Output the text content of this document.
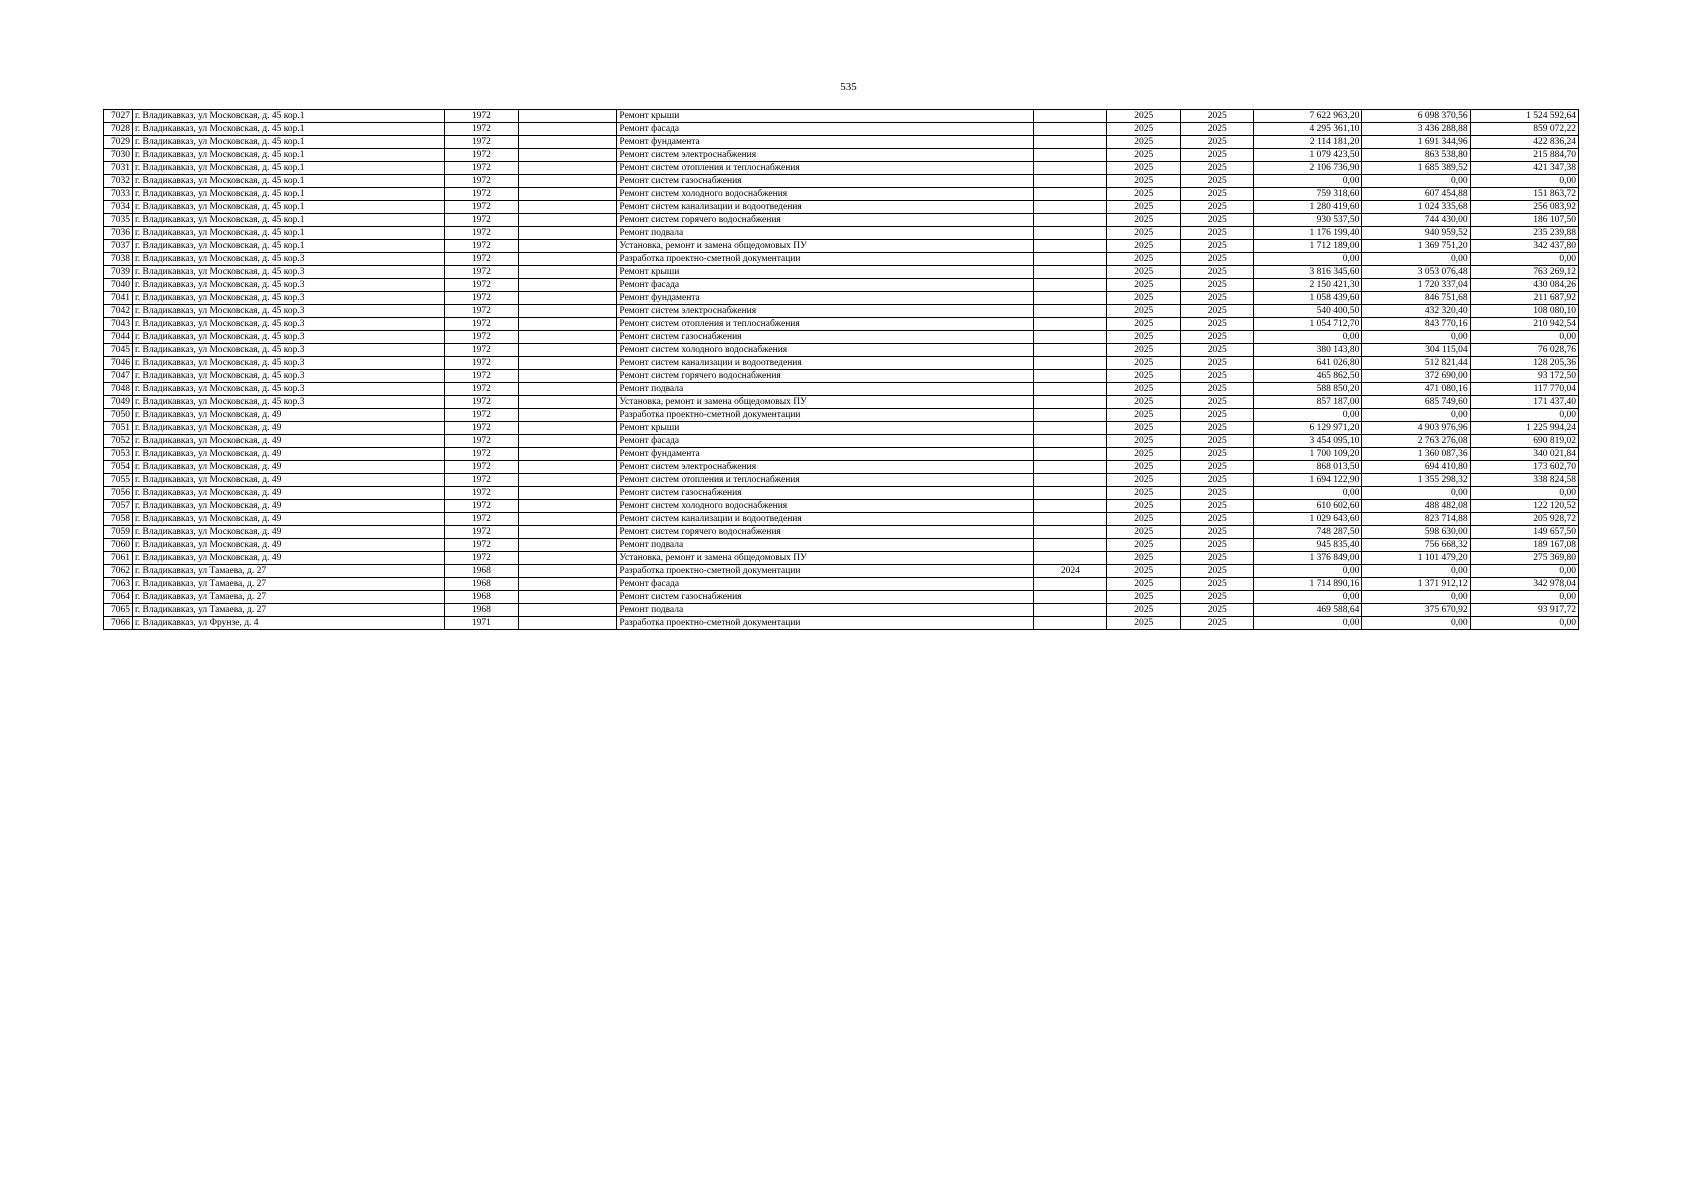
535
7027	г. Владикавказ, ул Московская, д. 45 кор.1	1972		Ремонт крыши		2025	2025	7 622 963,20	6 098 370,56	1 524 592,64
7028	г. Владикавказ, ул Московская, д. 45 кор.1	1972		Ремонт фасада		2025	2025	4 295 361,10	3 436 288,88	859 072,22
7029	г. Владикавказ, ул Московская, д. 45 кор.1	1972		Ремонт фундамента		2025	2025	2 114 181,20	1 691 344,96	422 836,24
7030	г. Владикавказ, ул Московская, д. 45 кор.1	1972		Ремонт систем электроснабжения		2025	2025	1 079 423,50	863 538,80	215 884,70
7031	г. Владикавказ, ул Московская, д. 45 кор.1	1972		Ремонт систем отопления и теплоснабжения		2025	2025	2 106 736,90	1 685 389,52	421 347,38
7032	г. Владикавказ, ул Московская, д. 45 кор.1	1972		Ремонт систем газоснабжения		2025	2025	0,00	0,00	0,00
7033	г. Владикавказ, ул Московская, д. 45 кор.1	1972		Ремонт систем холодного водоснабжения		2025	2025	759 318,60	607 454,88	151 863,72
7034	г. Владикавказ, ул Московская, д. 45 кор.1	1972		Ремонт систем канализации и водоотведения		2025	2025	1 280 419,60	1 024 335,68	256 083,92
7035	г. Владикавказ, ул Московская, д. 45 кор.1	1972		Ремонт систем горячего водоснабжения		2025	2025	930 537,50	744 430,00	186 107,50
7036	г. Владикавказ, ул Московская, д. 45 кор.1	1972		Ремонт подвала		2025	2025	1 176 199,40	940 959,52	235 239,88
7037	г. Владикавказ, ул Московская, д. 45 кор.1	1972		Установка, ремонт и замена общедомовых ПУ		2025	2025	1 712 189,00	1 369 751,20	342 437,80
7038	г. Владикавказ, ул Московская, д. 45 кор.3	1972		Разработка проектно-сметной документации		2025	2025	0,00	0,00	0,00
7039	г. Владикавказ, ул Московская, д. 45 кор.3	1972		Ремонт крыши		2025	2025	3 816 345,60	3 053 076,48	763 269,12
7040	г. Владикавказ, ул Московская, д. 45 кор.3	1972		Ремонт фасада		2025	2025	2 150 421,30	1 720 337,04	430 084,26
7041	г. Владикавказ, ул Московская, д. 45 кор.3	1972		Ремонт фундамента		2025	2025	1 058 439,60	846 751,68	211 687,92
7042	г. Владикавказ, ул Московская, д. 45 кор.3	1972		Ремонт систем электроснабжения		2025	2025	540 400,50	432 320,40	108 080,10
7043	г. Владикавказ, ул Московская, д. 45 кор.3	1972		Ремонт систем отопления и теплоснабжения		2025	2025	1 054 712,70	843 770,16	210 942,54
7044	г. Владикавказ, ул Московская, д. 45 кор.3	1972		Ремонт систем газоснабжения		2025	2025	0,00	0,00	0,00
7045	г. Владикавказ, ул Московская, д. 45 кор.3	1972		Ремонт систем холодного водоснабжения		2025	2025	380 143,80	304 115,04	76 028,76
7046	г. Владикавказ, ул Московская, д. 45 кор.3	1972		Ремонт систем канализации и водоотведения		2025	2025	641 026,80	512 821,44	128 205,36
7047	г. Владикавказ, ул Московская, д. 45 кор.3	1972		Ремонт систем горячего водоснабжения		2025	2025	465 862,50	372 690,00	93 172,50
7048	г. Владикавказ, ул Московская, д. 45 кор.3	1972		Ремонт подвала		2025	2025	588 850,20	471 080,16	117 770,04
7049	г. Владикавказ, ул Московская, д. 45 кор.3	1972		Установка, ремонт и замена общедомовых ПУ		2025	2025	857 187,00	685 749,60	171 437,40
7050	г. Владикавказ, ул Московская, д. 49	1972		Разработка проектно-сметной документации		2025	2025	0,00	0,00	0,00
7051	г. Владикавказ, ул Московская, д. 49	1972		Ремонт крыши		2025	2025	6 129 971,20	4 903 976,96	1 225 994,24
7052	г. Владикавказ, ул Московская, д. 49	1972		Ремонт фасада		2025	2025	3 454 095,10	2 763 276,08	690 819,02
7053	г. Владикавказ, ул Московская, д. 49	1972		Ремонт фундамента		2025	2025	1 700 109,20	1 360 087,36	340 021,84
7054	г. Владикавказ, ул Московская, д. 49	1972		Ремонт систем электроснабжения		2025	2025	868 013,50	694 410,80	173 602,70
7055	г. Владикавказ, ул Московская, д. 49	1972		Ремонт систем отопления и теплоснабжения		2025	2025	1 694 122,90	1 355 298,32	338 824,58
7056	г. Владикавказ, ул Московская, д. 49	1972		Ремонт систем газоснабжения		2025	2025	0,00	0,00	0,00
7057	г. Владикавказ, ул Московская, д. 49	1972		Ремонт систем холодного водоснабжения		2025	2025	610 602,60	488 482,08	122 120,52
7058	г. Владикавказ, ул Московская, д. 49	1972		Ремонт систем канализации и водоотведения		2025	2025	1 029 643,60	823 714,88	205 928,72
7059	г. Владикавказ, ул Московская, д. 49	1972		Ремонт систем горячего водоснабжения		2025	2025	748 287,50	598 630,00	149 657,50
7060	г. Владикавказ, ул Московская, д. 49	1972		Ремонт подвала		2025	2025	945 835,40	756 668,32	189 167,08
7061	г. Владикавказ, ул Московская, д. 49	1972		Установка, ремонт и замена общедомовых ПУ		2025	2025	1 376 849,00	1 101 479,20	275 369,80
7062	г. Владикавказ, ул Тамаева, д. 27	1968		Разработка проектно-сметной документации	2024	2025	2025	0,00	0,00	0,00
7063	г. Владикавказ, ул Тамаева, д. 27	1968		Ремонт фасада		2025	2025	1 714 890,16	1 371 912,12	342 978,04
7064	г. Владикавказ, ул Тамаева, д. 27	1968		Ремонт систем газоснабжения		2025	2025	0,00	0,00	0,00
7065	г. Владикавказ, ул Тамаева, д. 27	1968		Ремонт подвала		2025	2025	469 588,64	375 670,92	93 917,72
7066	г. Владикавказ, ул Фрунзе, д. 4	1971		Разработка проектно-сметной документации		2025	2025	0,00	0,00	0,00
